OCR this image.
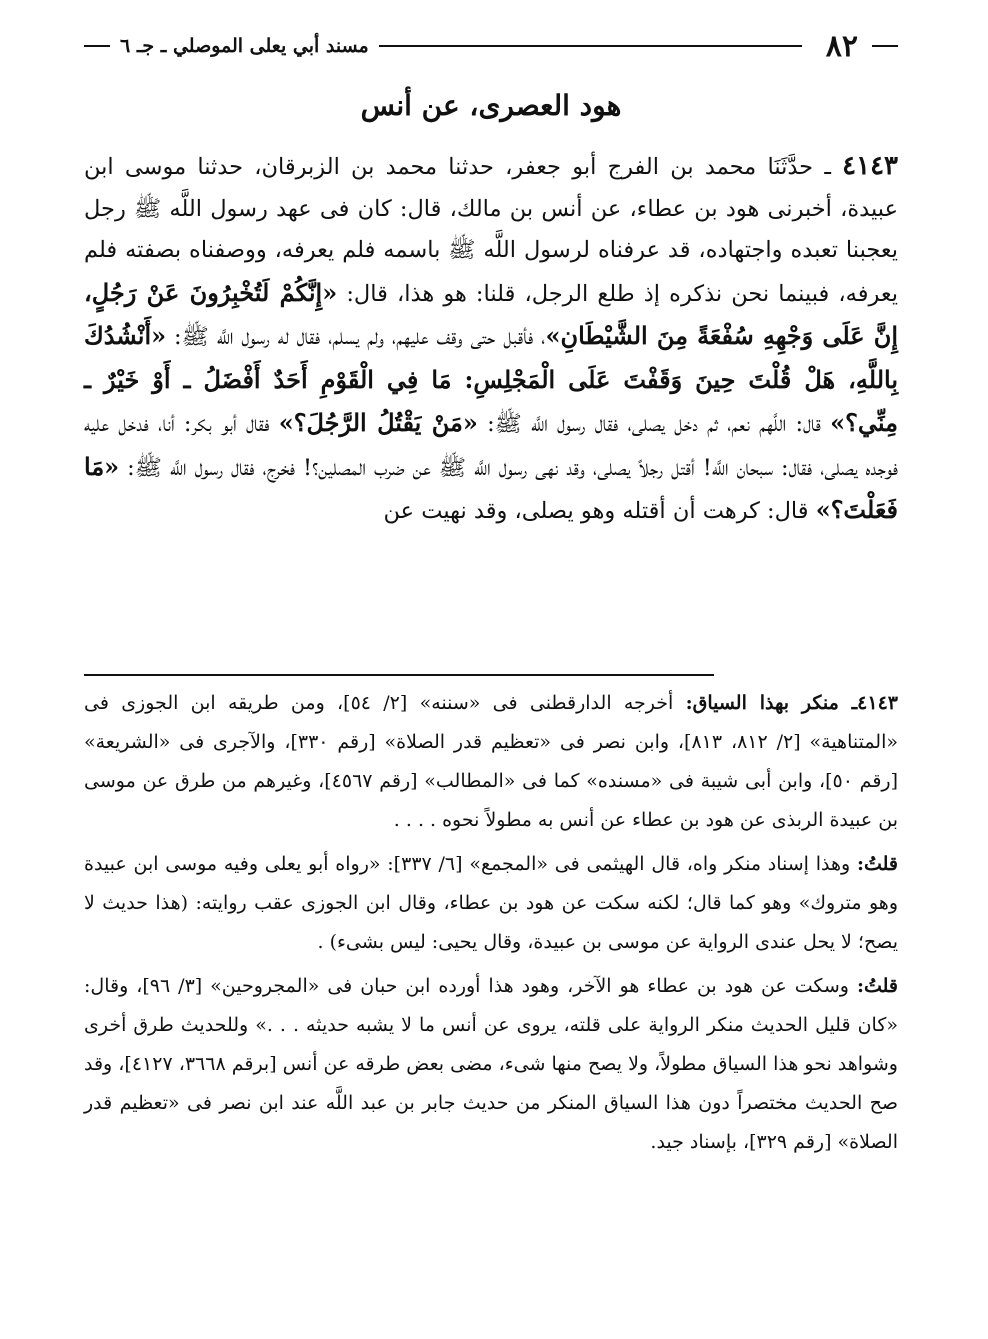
٨٢
مسند أبي يعلى الموصلي ـ جـ ٦
هود العصرى، عن أنس
٤١٤٣ ـ حدَّثَنَا محمد بن الفرج أبو جعفر، حدثنا محمد بن الزبرقان، حدثنا موسى ابن عبيدة، أخبرنى هود بن عطاء، عن أنس بن مالك، قال: كان فى عهد رسول اللَّه ﷺ رجل يعجبنا تعبده واجتهاده، قد عرفناه لرسول اللَّه ﷺ باسمه فلم يعرفه، ووصفناه بصفته فلم يعرفه، فبينما نحن نذكره إذ طلع الرجل، قلنا: هو هذا، قال: «إِنَّكُمْ لَتُخْبِرُونَ عَنْ رَجُلٍ، إِنَّ عَلَى وَجْهِهِ سُفْعَةً مِنَ الشَّيْطَانِ»، فأقبل حتى وقف عليهم، ولم يسلم، فقال له رسول اللَّه ﷺ: «أَنْشُدُكَ بِاللَّهِ، هَلْ قُلْتَ حِينَ وَقَفْتَ عَلَى الْمَجْلِسِ: مَا فِي الْقَوْمِ أَحَدٌ أَفْضَلُ ـ أَوْ خَيْرٌ ـ مِنِّي؟» قال: اللَّهم نعم، ثم دخل يصلى، فقال رسول اللَّه ﷺ: «مَنْ يَقْتُلُ الرَّجُلَ؟» فقال أبو بكر: أنا، فدخل عليه فوجده يصلى، فقال: سبحان اللَّه! أقتل رجلاً يصلى، وقد نهى رسول اللَّه ﷺ عن ضرب المصلين؟! فخرج، فقال رسول اللَّه ﷺ: «مَا فَعَلْتَ؟» قال: كرهت أن أقتله وهو يصلى، وقد نهيت عن

٤١٤٣ـ منكر بهذا السياق: أخرجه الدارقطنى فى «سننه» [٢/ ٥٤]، ومن طريقه ابن الجوزى فى «المتناهية» [٢/ ٨١٢، ٨١٣]، وابن نصر فى «تعظيم قدر الصلاة» [رقم ٣٣٠]، والآجرى فى «الشريعة» [رقم ٥٠]، وابن أبى شيبة فى «مسنده» كما فى «المطالب» [رقم ٤٥٦٧]، وغيرهم من طرق عن موسى بن عبيدة الربذى عن هود بن عطاء عن أنس به مطولاً نحوه . . . .

قلتُ: وهذا إسناد منكر واه، قال الهيثمى فى «المجمع» [٦/ ٣٣٧]: «رواه أبو يعلى وفيه موسى ابن عبيدة وهو متروك» وهو كما قال؛ لكنه سكت عن هود بن عطاء، وقال ابن الجوزى عقب روايته: (هذا حديث لا يصح؛ لا يحل عندى الرواية عن موسى بن عبيدة، وقال يحيى: ليس بشىء) .

قلتُ: وسكت عن هود بن عطاء هو الآخر، وهود هذا أورده ابن حبان فى «المجروحين» [٣/ ٩٦]، وقال: «كان قليل الحديث منكر الرواية على قلته، يروى عن أنس ما لا يشبه حديثه . . .» وللحديث طرق أخرى وشواهد نحو هذا السياق مطولاً، ولا يصح منها شىء، مضى بعض طرقه عن أنس [برقم ٣٦٦٨، ٤١٢٧]، وقد صح الحديث مختصراً دون هذا السياق المنكر من حديث جابر بن عبد اللَّه عند ابن نصر فى «تعظيم قدر الصلاة» [رقم ٣٢٩]، بإسناد جيد.
